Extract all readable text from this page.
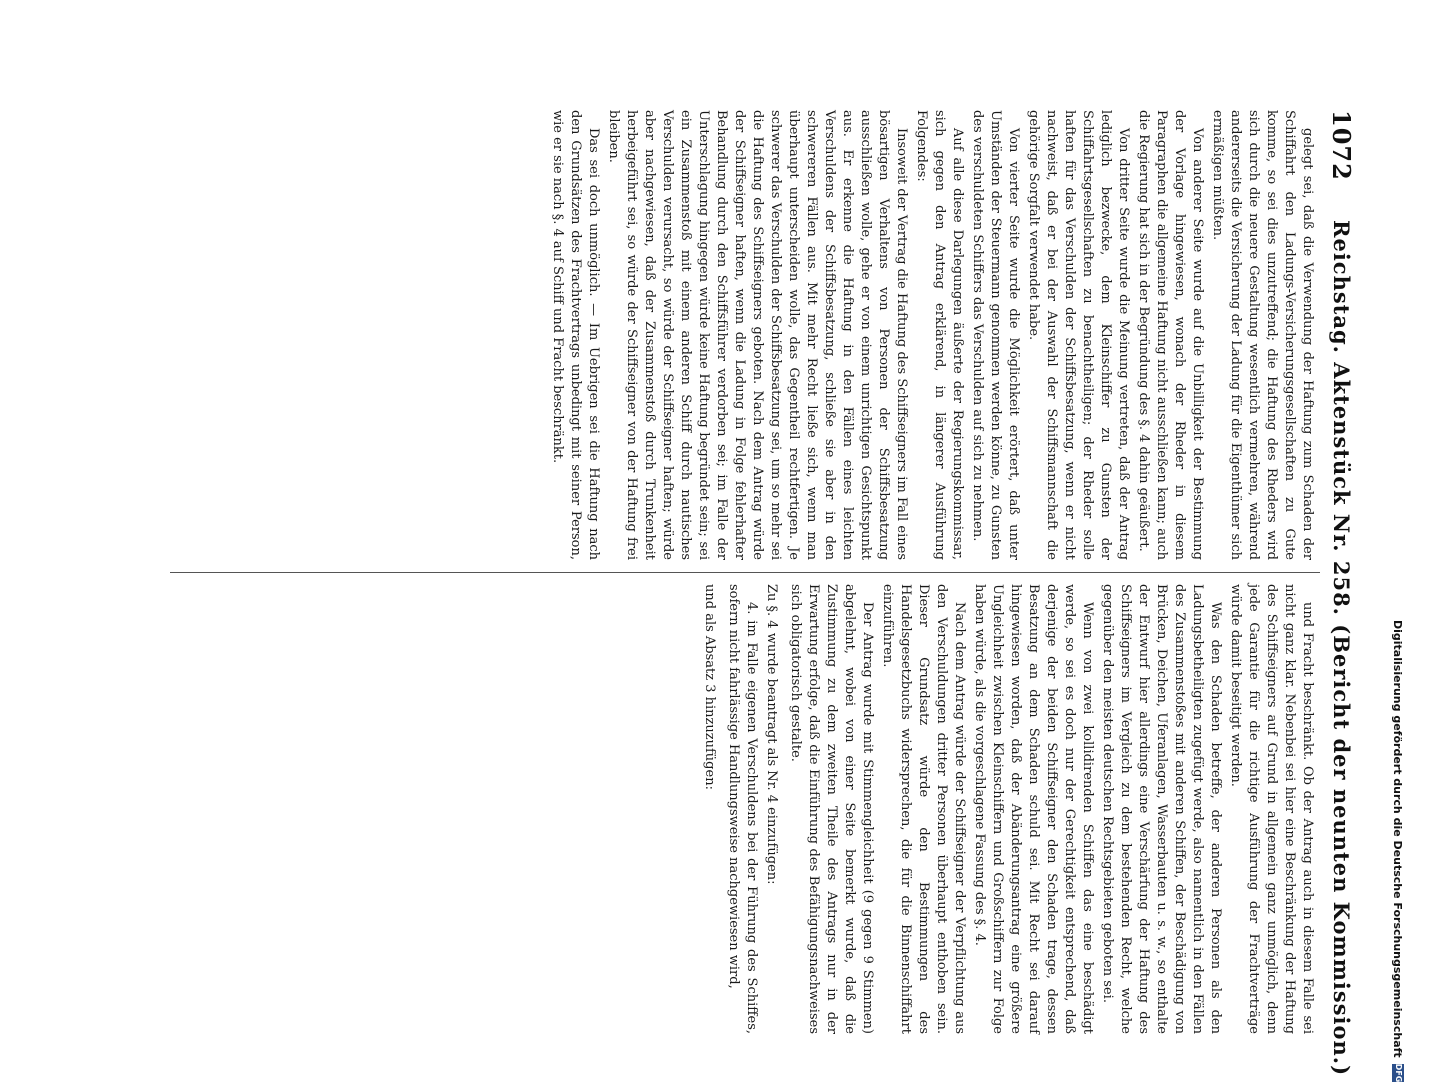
1072
Reichstag. Aktenstück Nr. 258. (Bericht der neunten Kommission.)

gelegt sei, daß die Verwendung der Haftung zum Schaden der Schiffahrt den Ladungs-Versicherungsgesellschaften zu Gute komme, so sei dies unzutreffend; die Haftung des Rheders wird sich durch die neuere Gestaltung wesentlich vermehren, während andererseits die Versicherung der Ladung für die Eigenthümer sich ermäßigen müßten.

Von anderer Seite wurde auf die Unbilligkeit der Bestimmung der Vorlage hingewiesen, wonach der Rheder in diesem Paragraphen die allgemeine Haftung nicht ausschließen kann; auch die Regierung hat sich in der Begründung des §. 4 dahin geäußert.

Von dritter Seite wurde die Meinung vertreten, daß der Antrag lediglich bezwecke, dem Kleinschiffer zu Gunsten der Schiffahrtsgesellschaften zu benachtheiligen; der Rheder solle haften für das Verschulden der Schiffsbesatzung, wenn er nicht nachweist, daß er bei der Auswahl der Schiffsmannschaft die gehörige Sorgfalt verwendet habe.

Von vierter Seite wurde die Möglichkeit erörtert, daß unter Umständen der Steuermann genommen werden könne, zu Gunsten des verschuldeten Schiffers das Verschulden auf sich zu nehmen.

Auf alle diese Darlegungen äußerte der Regierungskommissar, sich gegen den Antrag erklärend, in längerer Ausführung Folgendes:

Insoweit der Vertrag die Haftung des Schiffseigners im Fall eines bösartigen Verhaltens von Personen der Schiffsbesatzung ausschließen wolle, gehe er von einem unrichtigen Gesichtspunkt aus. Er erkenne die Haftung in den Fällen eines leichten Verschuldens der Schiffsbesatzung, schließe sie aber in den schwereren Fällen aus. Mit mehr Recht ließe sich, wenn man überhaupt unterscheiden wolle, das Gegentheil rechtfertigen. Je schwerer das Verschulden der Schiffsbesatzung sei, um so mehr sei die Haftung des Schiffseigners geboten. Nach dem Antrag würde der Schiffseigner haften, wenn die Ladung in Folge fehlerhafter Behandlung durch den Schiffsführer verdorben sei; im Falle der Unterschlagung hingegen würde keine Haftung begründet sein; sei ein Zusammenstoß mit einem anderen Schiff durch nautisches Verschulden verursacht, so würde der Schiffseigner haften; würde aber nachgewiesen, daß der Zusammenstoß durch Trunkenheit herbeigeführt sei, so würde der Schiffseigner von der Haftung frei bleiben.

Das sei doch unmöglich. — Im Uebrigen sei die Haftung nach den Grundsätzen des Frachtvertrags unbedingt mit seiner Person, wie er sie nach §. 4 auf Schiff und Fracht beschränkt.

und Fracht beschränkt. Ob der Antrag auch in diesem Falle sei nicht ganz klar. Nebenbei sei hier eine Beschränkung der Haftung des Schiffseigners auf Grund in allgemein ganz unmöglich, denn jede Garantie für die richtige Ausführung der Frachtverträge würde damit beseitigt werden.

Was den Schaden betreffe, der anderen Personen als den Ladungsbetheiligten zugefügt werde, also namentlich in den Fällen des Zusammenstoßes mit anderen Schiffen, der Beschädigung von Brücken, Deichen, Uferanlagen, Wasserbauten u. s. w., so enthalte der Entwurf hier allerdings eine Verschärfung der Haftung des Schiffseigners im Vergleich zu dem bestehenden Recht, welche gegenüber den meisten deutschen Rechtsgebieten geboten sei.

Wenn von zwei kollidirenden Schiffen das eine beschädigt werde, so sei es doch nur der Gerechtigkeit entsprechend, daß derjenige der beiden Schiffseigner den Schaden trage, dessen Besatzung an dem Schaden schuld sei. Mit Recht sei darauf hingewiesen worden, daß der Abänderungsantrag eine größere Ungleichheit zwischen Kleinschiffern und Großschiffern zur Folge haben würde, als die vorgeschlagene Fassung des §. 4.

Nach dem Antrag würde der Schiffseigner der Verpflichtung aus den Verschuldungen dritter Personen überhaupt enthoben sein. Dieser Grundsatz würde den Bestimmungen des Handelsgesetzbuchs widersprechen, die für die Binnenschiffahrt einzuführen.

Der Antrag wurde mit Stimmengleichheit (9 gegen 9 Stimmen) abgelehnt, wobei von einer Seite bemerkt wurde, daß die Zustimmung zu dem zweiten Theile des Antrags nur in der Erwartung erfolge, daß die Einführung des Befähigungsnachweises sich obligatorisch gestalte.

Zu §. 4 wurde beantragt als Nr. 4 einzufügen:

4. im Falle eigenen Verschuldens bei der Führung des Schiffes, sofern nicht fahrlässige Handlungsweise nachgewiesen wird,

und als Absatz 3 hinzuzufügen:	Digitalisierung gefördert durch die Deutsche Forschungsgemeinschaft
DFG
